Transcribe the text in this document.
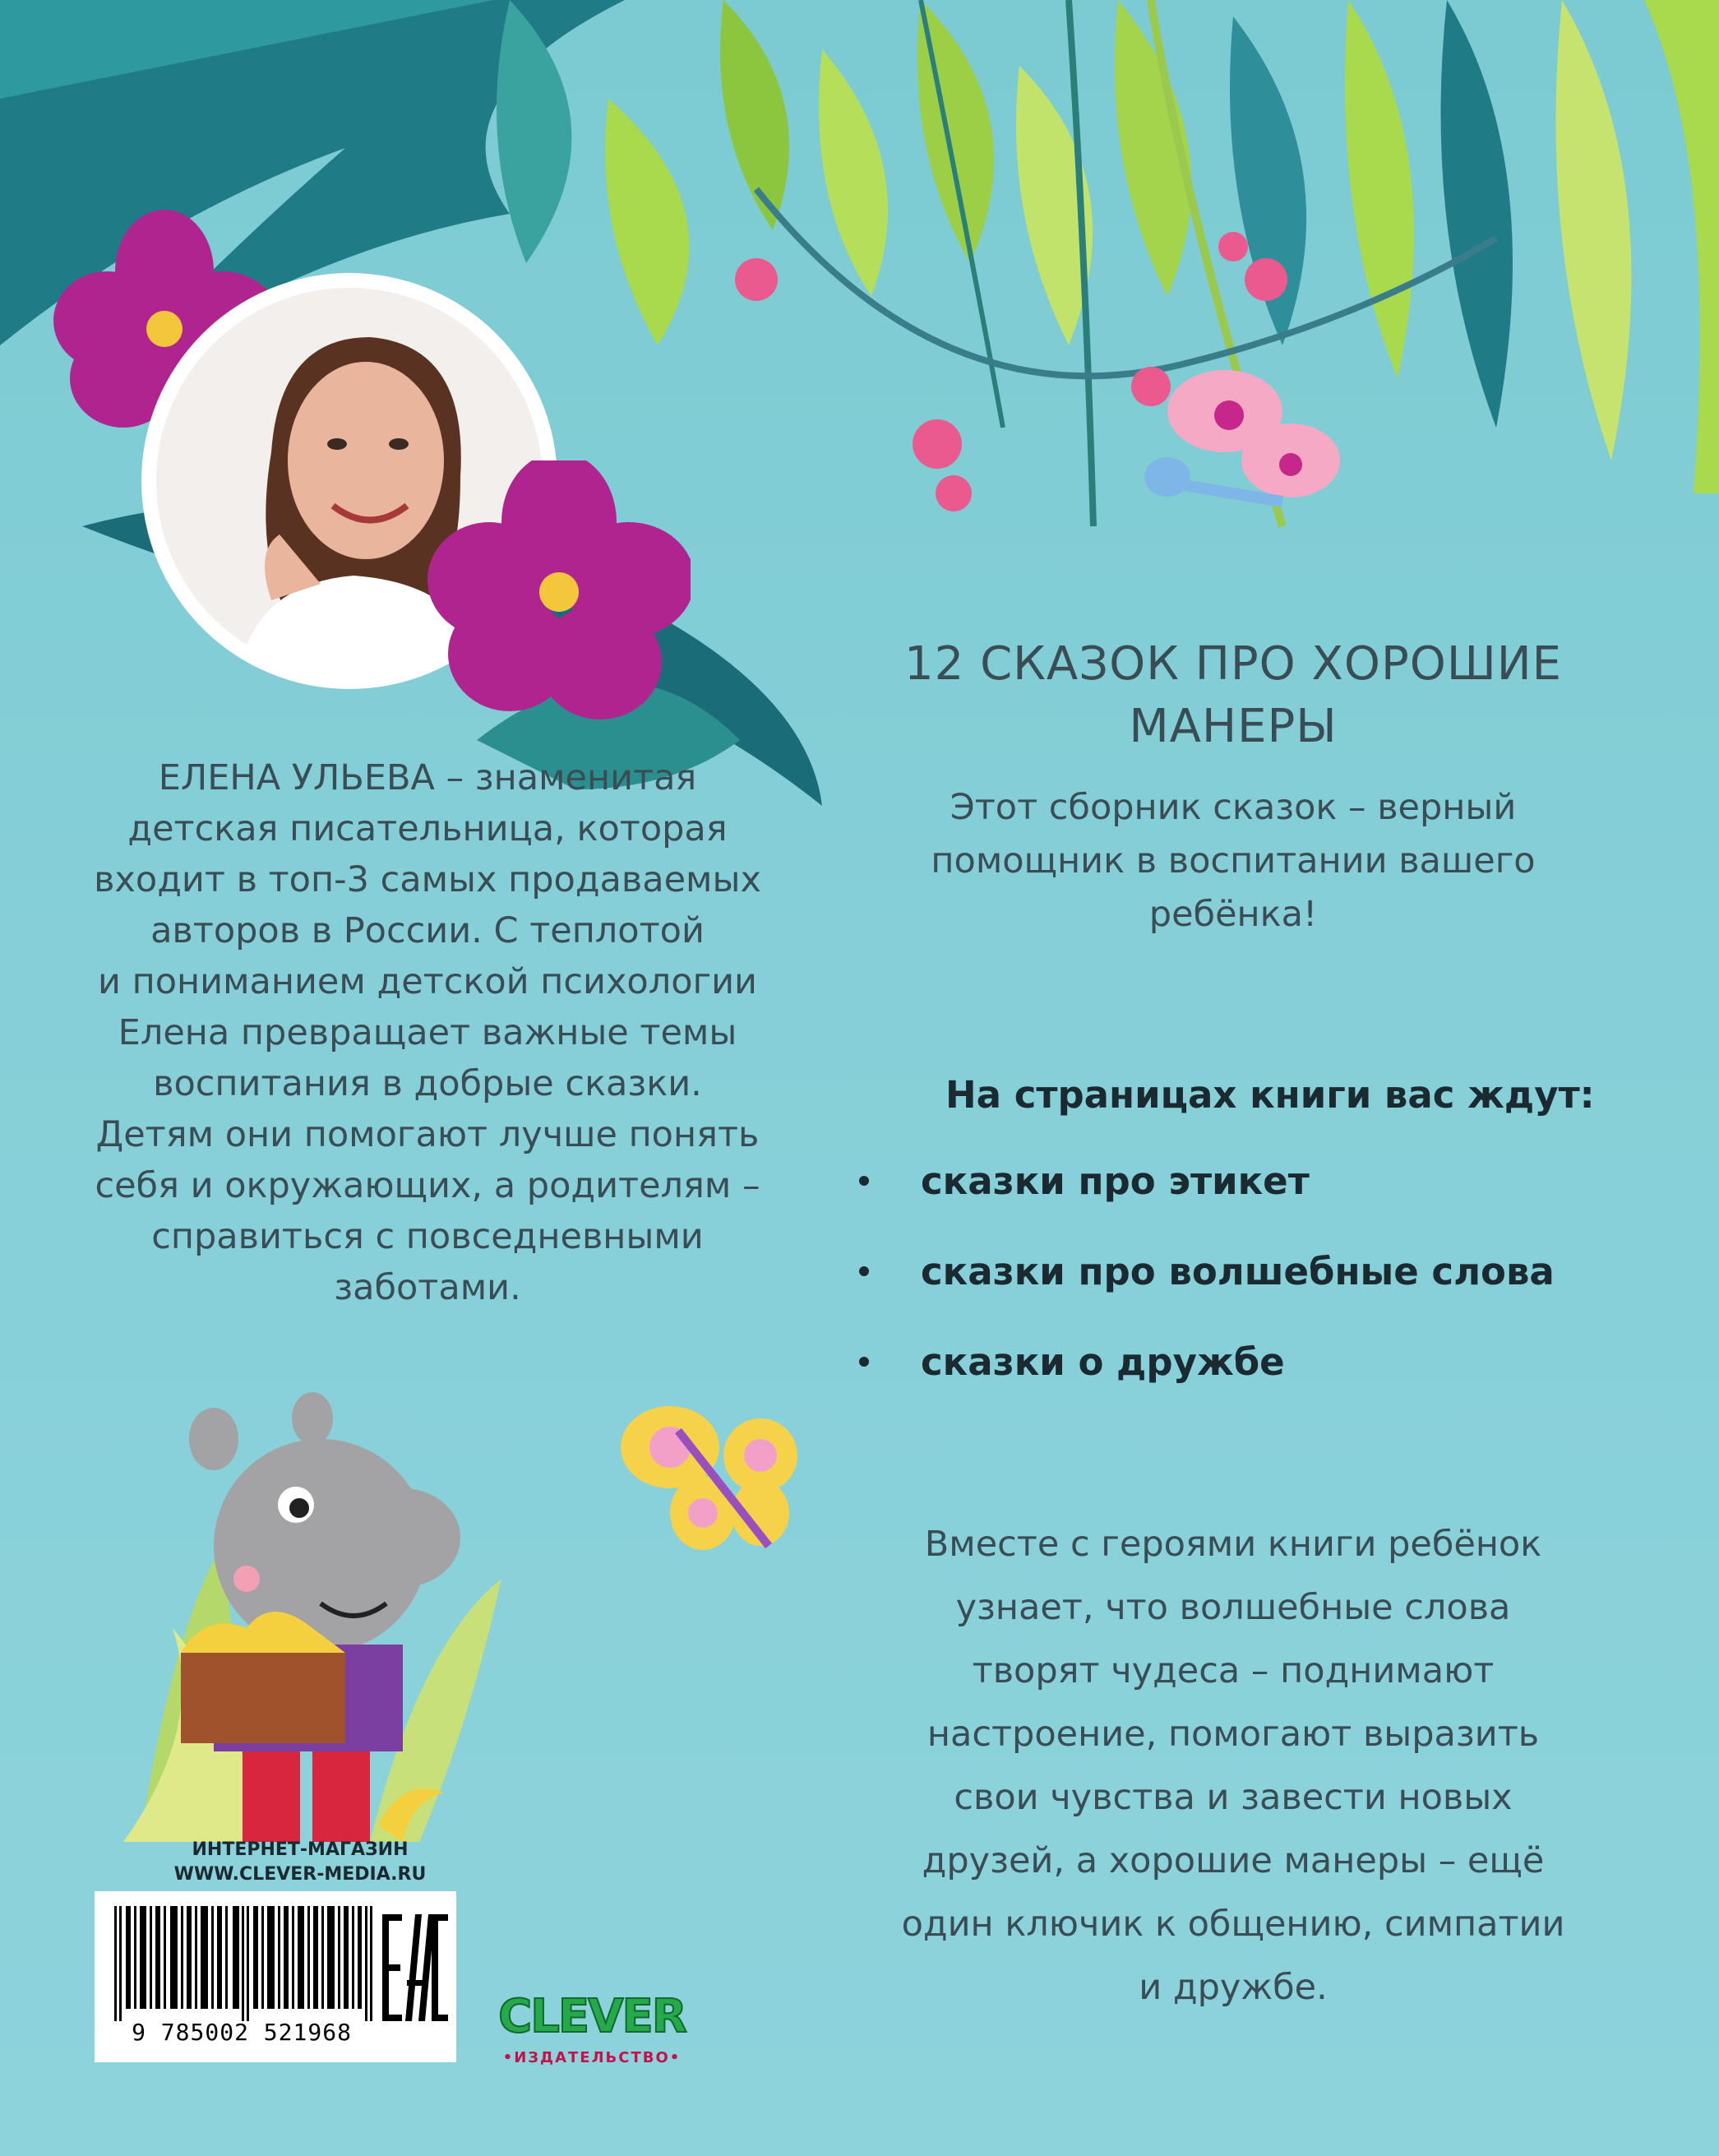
ЕЛЕНА УЛЬЕВА – знаменитая
детская писательница, которая
входит в топ-3 самых продаваемых
авторов в России. С теплотой
и пониманием детской психологии
Елена превращает важные темы
воспитания в добрые сказки.
Детям они помогают лучше понять
себя и окружающих, а родителям –
справиться с повседневными
заботами.
12 СКАЗОК ПРО ХОРОШИЕ
МАНЕРЫ
Этот сборник сказок – верный
помощник в воспитании вашего
ребёнка!
На страницах книги вас ждут:
сказки про этикет
сказки про волшебные слова
сказки о дружбе
Вместе с героями книги ребёнок
узнает, что волшебные слова
творят чудеса – поднимают
настроение, помогают выразить
свои чувства и завести новых
друзей, а хорошие манеры – ещё
один ключик к общению, симпатии
и дружбе.
ИНТЕРНЕТ-МАГАЗИН
WWW.CLEVER-MEDIA.RU
9 785002 521968	CLEVER
•ИЗДАТЕЛЬСТВО•
